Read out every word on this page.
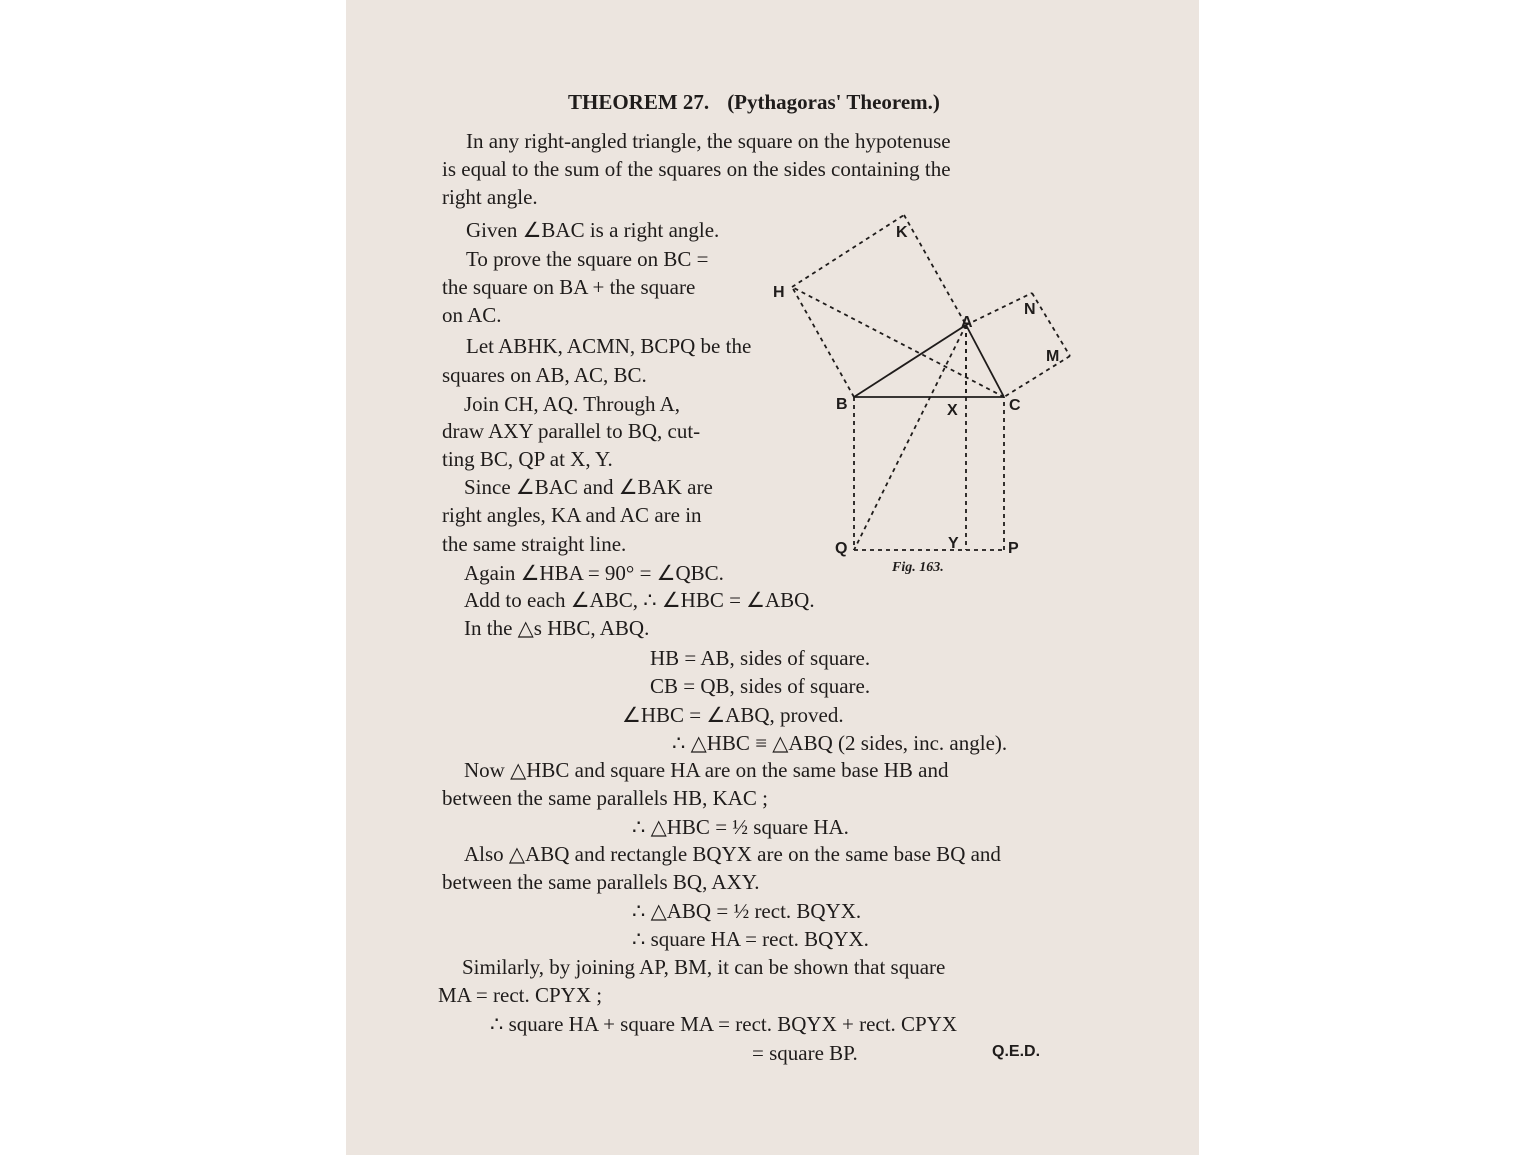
THEOREM 27. (Pythagoras' Theorem.)
In any right-angled triangle, the square on the hypotenuse
is equal to the sum of the squares on the sides containing the
right angle.
Given ∠BAC is a right angle.
To prove the square on BC =
the square on BA + the square
on AC.
Let ABHK, ACMN, BCPQ be the
squares on AB, AC, BC.
Join CH, AQ. Through A,
draw AXY parallel to BQ, cut-
ting BC, QP at X, Y.
Since ∠BAC and ∠BAK are
right angles, KA and AC are in
the same straight line.
Again ∠HBA = 90° = ∠QBC.
Add to each ∠ABC, ∴ ∠HBC = ∠ABQ.
In the △s HBC, ABQ.
HB = AB, sides of square.
CB = QB, sides of square.
∠HBC = ∠ABQ, proved.
∴ △HBC ≡ △ABQ (2 sides, inc. angle).
Now △HBC and square HA are on the same base HB and
between the same parallels HB, KAC ;
∴ △HBC = ½ square HA.
Also △ABQ and rectangle BQYX are on the same base BQ and
between the same parallels BQ, AXY.
∴ △ABQ = ½ rect. BQYX.
∴ square HA = rect. BQYX.
Similarly, by joining AP, BM, it can be shown that square
MA = rect. CPYX ;
∴ square HA + square MA = rect. BQYX + rect. CPYX
= square BP.	Q.E.D.
K
H
A
N
M
B	X	C
Q	Y	P
Fig. 163.
